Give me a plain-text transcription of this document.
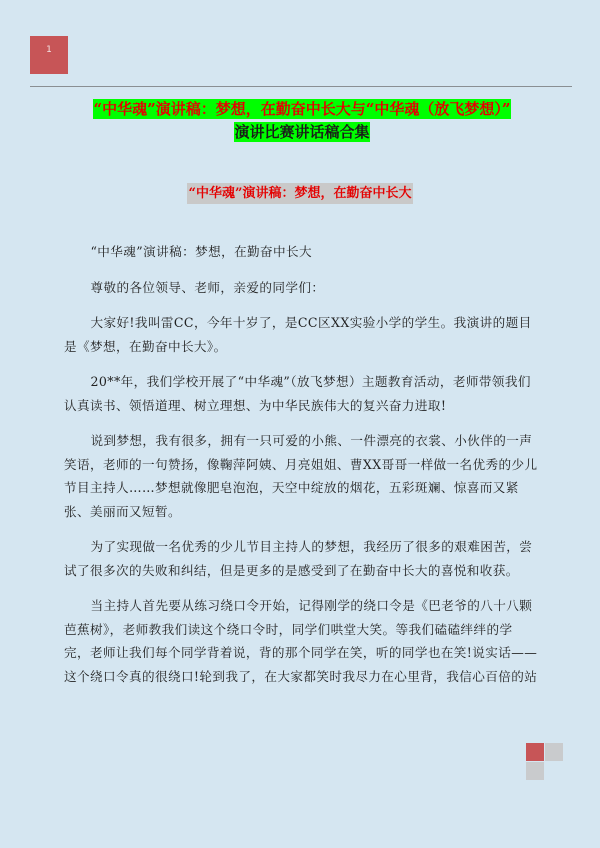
1
“中华魂”演讲稿：梦想，在勤奋中长大与“中华魂（放飞梦想）”
演讲比赛讲话稿合集
“中华魂”演讲稿：梦想，在勤奋中长大

“中华魂”演讲稿：梦想，在勤奋中长大

尊敬的各位领导、老师，亲爱的同学们：

大家好!我叫雷CC，今年十岁了，是CC区XX实验小学的学生。我演讲的题目是《梦想，在勤奋中长大》。

20**年，我们学校开展了“中华魂”（放飞梦想）主题教育活动，老师带领我们认真读书、领悟道理、树立理想、为中华民族伟大的复兴奋力进取!

说到梦想，我有很多，拥有一只可爱的小熊、一件漂亮的衣裳、小伙伴的一声笑语，老师的一句赞扬，像鞠萍阿姨、月亮姐姐、曹XX哥哥一样做一名优秀的少儿节目主持人……梦想就像肥皂泡泡，天空中绽放的烟花，五彩斑斓、惊喜而又紧张、美丽而又短暂。

为了实现做一名优秀的少儿节目主持人的梦想，我经历了很多的艰难困苦，尝试了很多次的失败和纠结，但是更多的是感受到了在勤奋中长大的喜悦和收获。

当主持人首先要从练习绕口令开始，记得刚学的绕口令是《巴老爷的八十八颗芭蕉树》，老师教我们读这个绕口令时，同学们哄堂大笑。等我们磕磕绊绊的学完，老师让我们每个同学背着说，背的那个同学在笑，听的同学也在笑!说实话——

这个绕口令真的很绕口!轮到我了，在大家都笑时我尽力在心里背，我信心百倍的站
